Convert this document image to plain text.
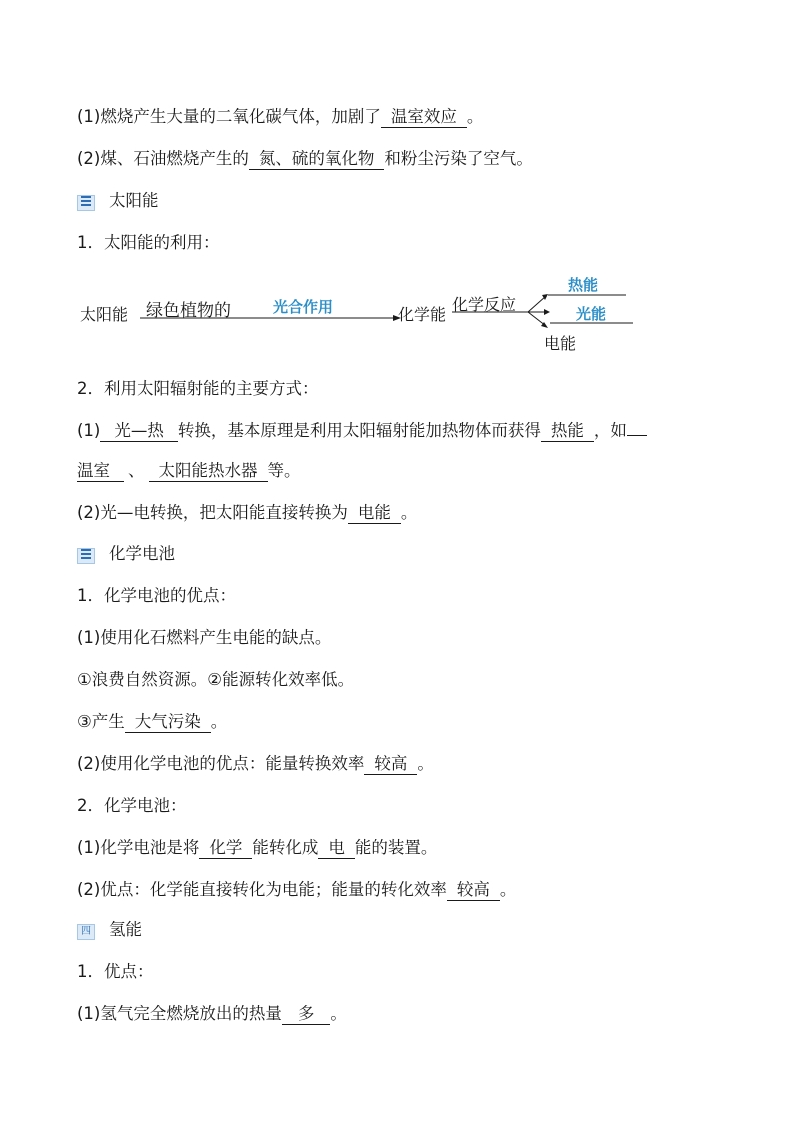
(1)燃烧产生大量的二氧化碳气体，加剧了 温室效应 。
(2)煤、石油燃烧产生的 氮、硫的氧化物 和粉尘污染了空气。
太阳能
1．太阳能的利用：
太阳能 绿色植物的	光合作用	化学能
化学反应
热能
光能
电能
2．利用太阳辐射能的主要方式：
(1) 光—热 转换，基本原理是利用太阳辐射能加热物体而获得 热能 ，如
温室 、 太阳能热水器 等。
(2)光—电转换，把太阳能直接转换为 电能 。
化学电池
1．化学电池的优点：
(1)使用化石燃料产生电能的缺点。
①浪费自然资源。②能源转化效率低。
③产生 大气污染 。
(2)使用化学电池的优点：能量转换效率 较高 。
2．化学电池：
(1)化学电池是将 化学 能转化成 电 能的装置。
(2)优点：化学能直接转化为电能；能量的转化效率 较高 。
四 氢能
1．优点：
(1)氢气完全燃烧放出的热量 多 。
